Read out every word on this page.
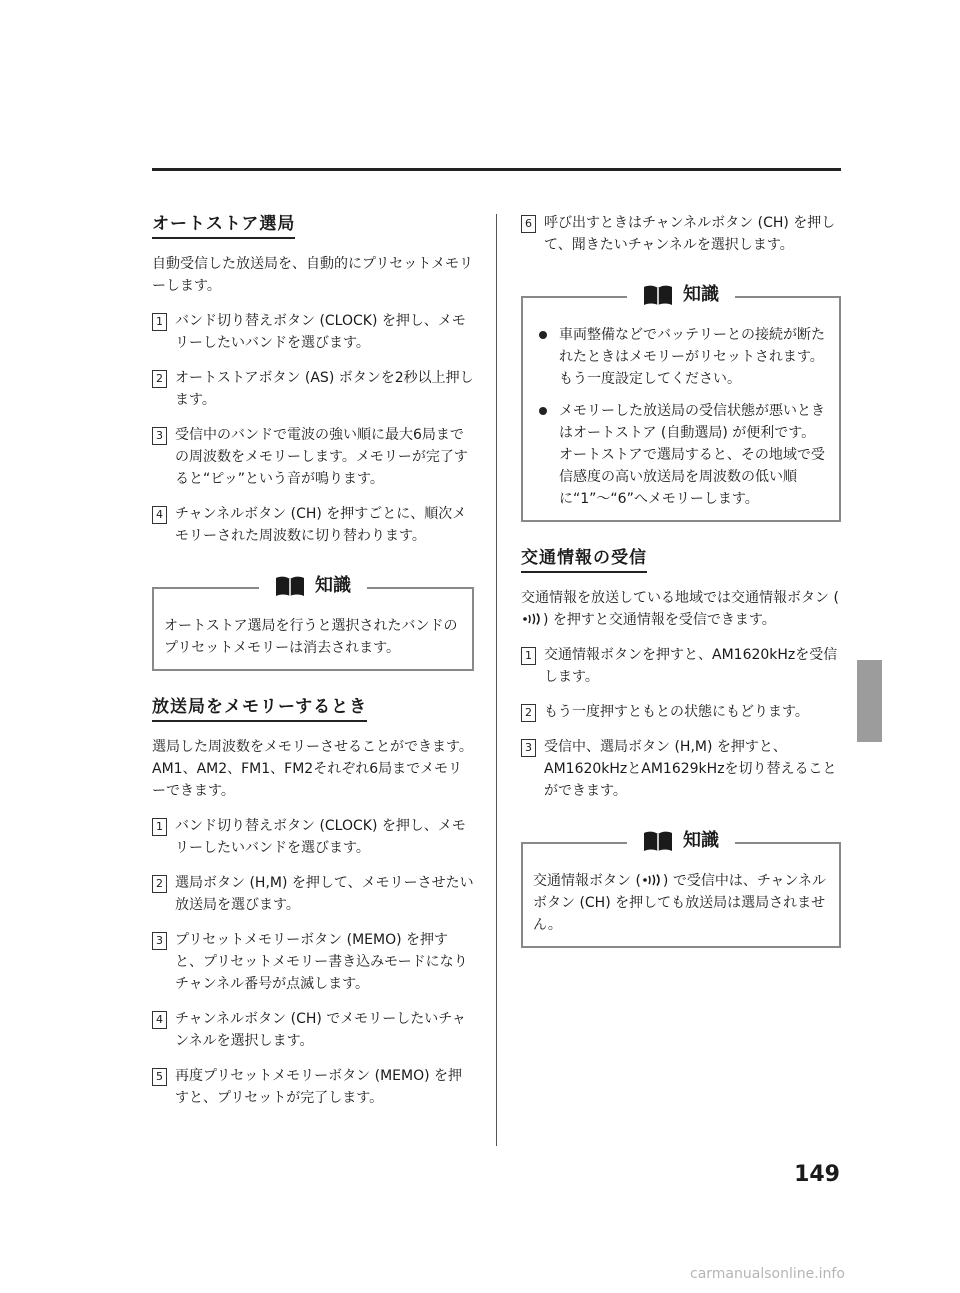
オートストア選局

自動受信した放送局を、自動的にプリセットメモリーします。

1 バンド切り替えボタン (CLOCK) を押し、メモリーしたいバンドを選びます。
2 オートストアボタン (AS) ボタンを2秒以上押します。
3 受信中のバンドで電波の強い順に最大6局までの周波数をメモリーします。メモリーが完了すると“ピッ”という音が鳴ります。
4 チャンネルボタン (CH) を押すごとに、順次メモリーされた周波数に切り替わります。
知識

オートストア選局を行うと選択されたバンドのプリセットメモリーは消去されます。

放送局をメモリーするとき

選局した周波数をメモリーさせることができます。

AM1、AM2、FM1、FM2それぞれ6局までメモリーできます。

1 バンド切り替えボタン (CLOCK) を押し、メモリーしたいバンドを選びます。
2 選局ボタン (H,M) を押して、メモリーさせたい放送局を選びます。
3 プリセットメモリーボタン (MEMO) を押すと、プリセットメモリー書き込みモードになりチャンネル番号が点滅します。
4 チャンネルボタン (CH) でメモリーしたいチャンネルを選択します。
5 再度プリセットメモリーボタン (MEMO) を押すと、プリセットが完了します。
6 呼び出すときはチャンネルボタン (CH) を押して、聞きたいチャンネルを選択します。
知識
車両整備などでバッテリーとの接続が断たれたときはメモリーがリセットされます。もう一度設定してください。
メモリーした放送局の受信状態が悪いときはオートストア (自動選局) が便利です。オートストアで選局すると、その地域で受信感度の高い放送局を周波数の低い順に“1”～“6”へメモリーします。
交通情報の受信

交通情報を放送している地域では交通情報ボタン () を押すと交通情報を受信できます。

1 交通情報ボタンを押すと、AM1620kHzを受信します。
2 もう一度押すともとの状態にもどります。
3 受信中、選局ボタン (H,M) を押すと、AM1620kHzとAM1629kHzを切り替えることができます。
知識

交通情報ボタン ( ) で受信中は、チャンネルボタン (CH) を押しても放送局は選局されません。

149
carmanualsonline.info
